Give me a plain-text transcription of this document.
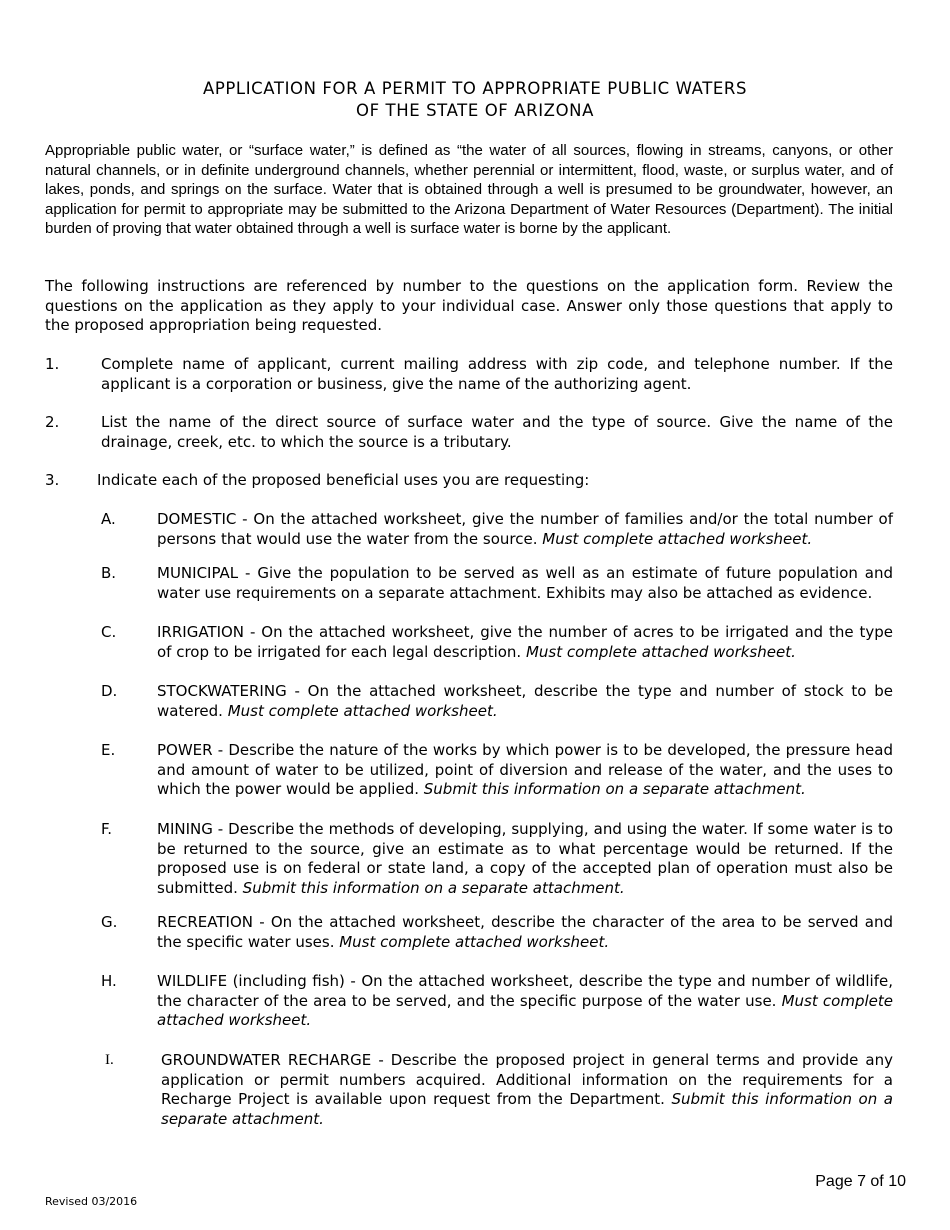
APPLICATION FOR A PERMIT TO APPROPRIATE PUBLIC WATERS
OF THE STATE OF ARIZONA
Appropriable public water, or “surface water,” is defined as “the water of all sources, flowing in streams, canyons, or other natural channels, or in definite underground channels, whether perennial or intermittent, flood, waste, or surplus water, and of lakes, ponds, and springs on the surface. Water that is obtained through a well is presumed to be groundwater, however, an application for permit to appropriate may be submitted to the Arizona Department of Water Resources (Department). The initial burden of proving that water obtained through a well is surface water is borne by the applicant.
The following instructions are referenced by number to the questions on the application form. Review the questions on the application as they apply to your individual case. Answer only those questions that apply to the proposed appropriation being requested.
1.	Complete name of applicant, current mailing address with zip code, and telephone number. If the applicant is a corporation or business, give the name of the authorizing agent.
2.	List the name of the direct source of surface water and the type of source. Give the name of the drainage, creek, etc. to which the source is a tributary.
3.	Indicate each of the proposed beneficial uses you are requesting:
A.	DOMESTIC - On the attached worksheet, give the number of families and/or the total number of persons that would use the water from the source. Must complete attached worksheet.
B.	MUNICIPAL - Give the population to be served as well as an estimate of future population and water use requirements on a separate attachment. Exhibits may also be attached as evidence.
C.	IRRIGATION - On the attached worksheet, give the number of acres to be irrigated and the type of crop to be irrigated for each legal description. Must complete attached worksheet.
D.	STOCKWATERING - On the attached worksheet, describe the type and number of stock to be watered. Must complete attached worksheet.
E.	POWER - Describe the nature of the works by which power is to be developed, the pressure head and amount of water to be utilized, point of diversion and release of the water, and the uses to which the power would be applied. Submit this information on a separate attachment.
F.	MINING - Describe the methods of developing, supplying, and using the water. If some water is to be returned to the source, give an estimate as to what percentage would be returned. If the proposed use is on federal or state land, a copy of the accepted plan of operation must also be submitted. Submit this information on a separate attachment.
G.	RECREATION - On the attached worksheet, describe the character of the area to be served and the specific water uses. Must complete attached worksheet.
H.	WILDLIFE (including fish) - On the attached worksheet, describe the type and number of wildlife, the character of the area to be served, and the specific purpose of the water use. Must complete attached worksheet.
I.	GROUNDWATER RECHARGE - Describe the proposed project in general terms and provide any application or permit numbers acquired. Additional information on the requirements for a Recharge Project is available upon request from the Department. Submit this information on a separate attachment.
Page 7 of 10
Revised 03/2016
